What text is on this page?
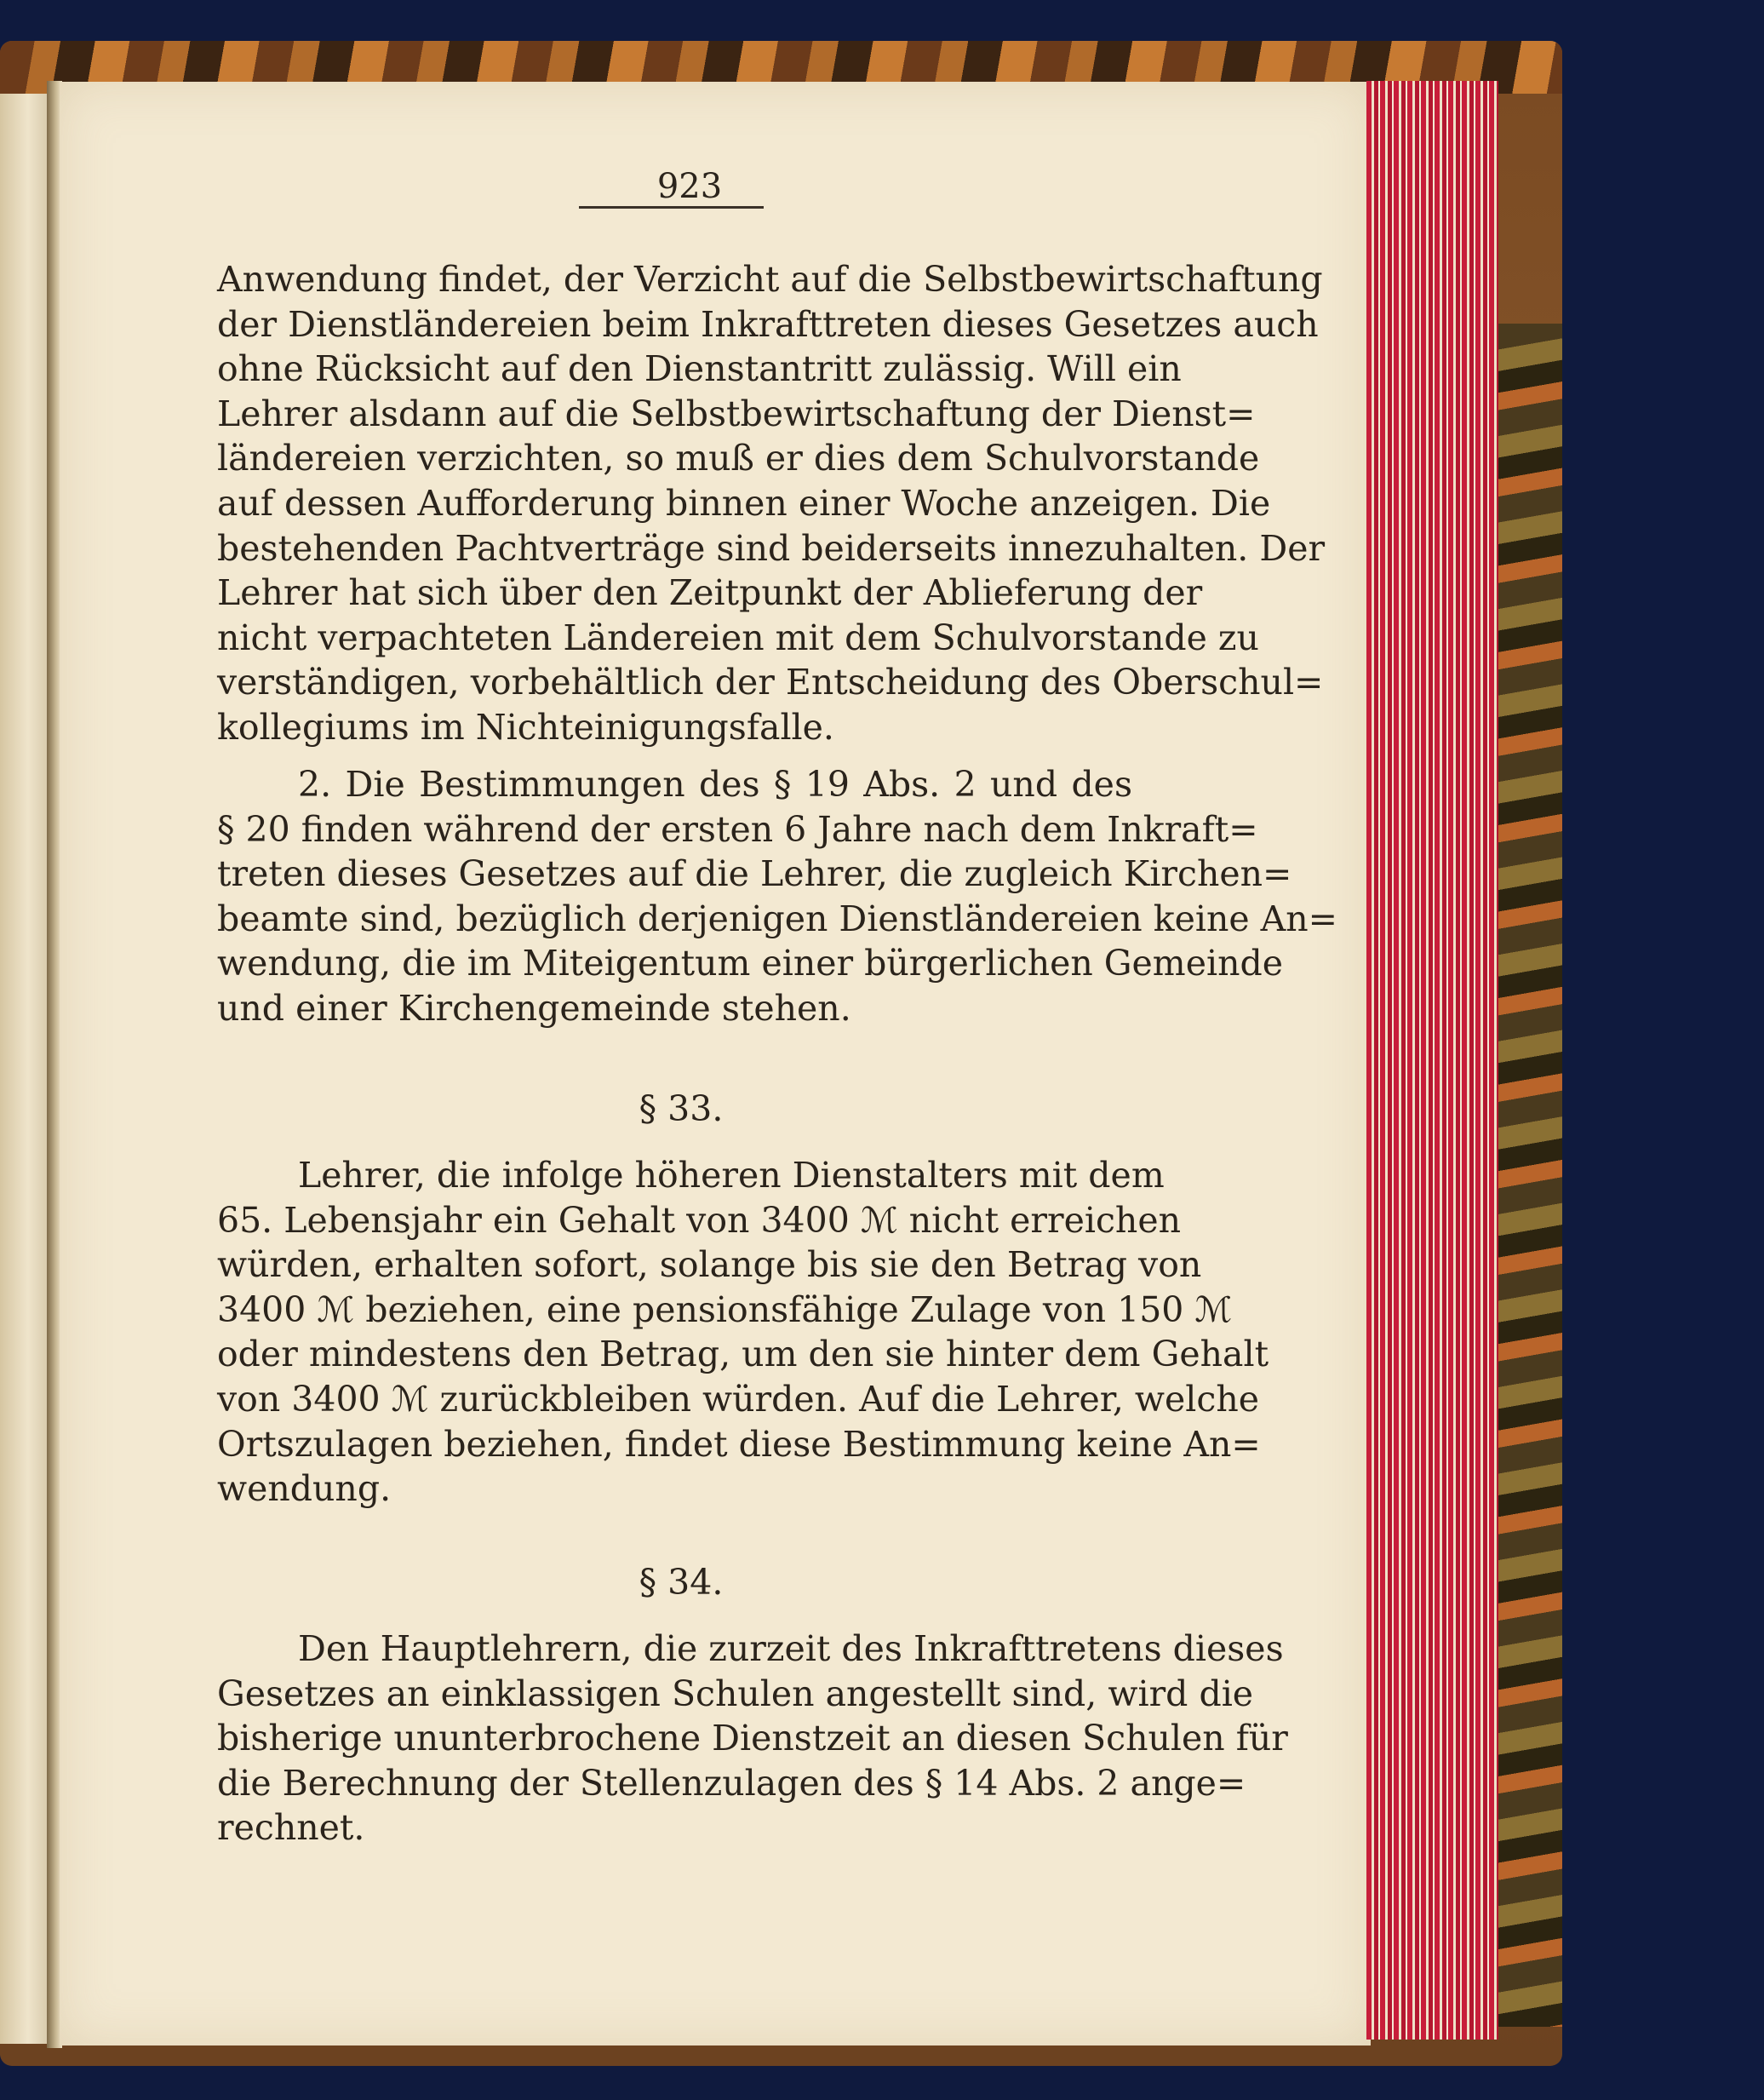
923
Anwendung findet, der Verzicht auf die Selbstbewirtschaftung
der Dienstländereien beim Inkrafttreten dieses Gesetzes auch
ohne Rücksicht auf den Dienstantritt zulässig. Will ein
Lehrer alsdann auf die Selbstbewirtschaftung der Dienst=
ländereien verzichten, so muß er dies dem Schulvorstande
auf dessen Aufforderung binnen einer Woche anzeigen. Die
bestehenden Pachtverträge sind beiderseits innezuhalten. Der
Lehrer hat sich über den Zeitpunkt der Ablieferung der
nicht verpachteten Ländereien mit dem Schulvorstande zu
verständigen, vorbehältlich der Entscheidung des Oberschul=
kollegiums im Nichteinigungsfalle.
2. Die Bestimmungen des § 19 Abs. 2 und des
§ 20 finden während der ersten 6 Jahre nach dem Inkraft=
treten dieses Gesetzes auf die Lehrer, die zugleich Kirchen=
beamte sind, bezüglich derjenigen Dienstländereien keine An=
wendung, die im Miteigentum einer bürgerlichen Gemeinde
und einer Kirchengemeinde stehen.
§ 33.
Lehrer, die infolge höheren Dienstalters mit dem
65. Lebensjahr ein Gehalt von 3400 ℳ nicht erreichen
würden, erhalten sofort, solange bis sie den Betrag von
3400 ℳ beziehen, eine pensionsfähige Zulage von 150 ℳ
oder mindestens den Betrag, um den sie hinter dem Gehalt
von 3400 ℳ zurückbleiben würden. Auf die Lehrer, welche
Ortszulagen beziehen, findet diese Bestimmung keine An=
wendung.
§ 34.
Den Hauptlehrern, die zurzeit des Inkrafttretens dieses
Gesetzes an einklassigen Schulen angestellt sind, wird die
bisherige ununterbrochene Dienstzeit an diesen Schulen für
die Berechnung der Stellenzulagen des § 14 Abs. 2 ange=
rechnet.
